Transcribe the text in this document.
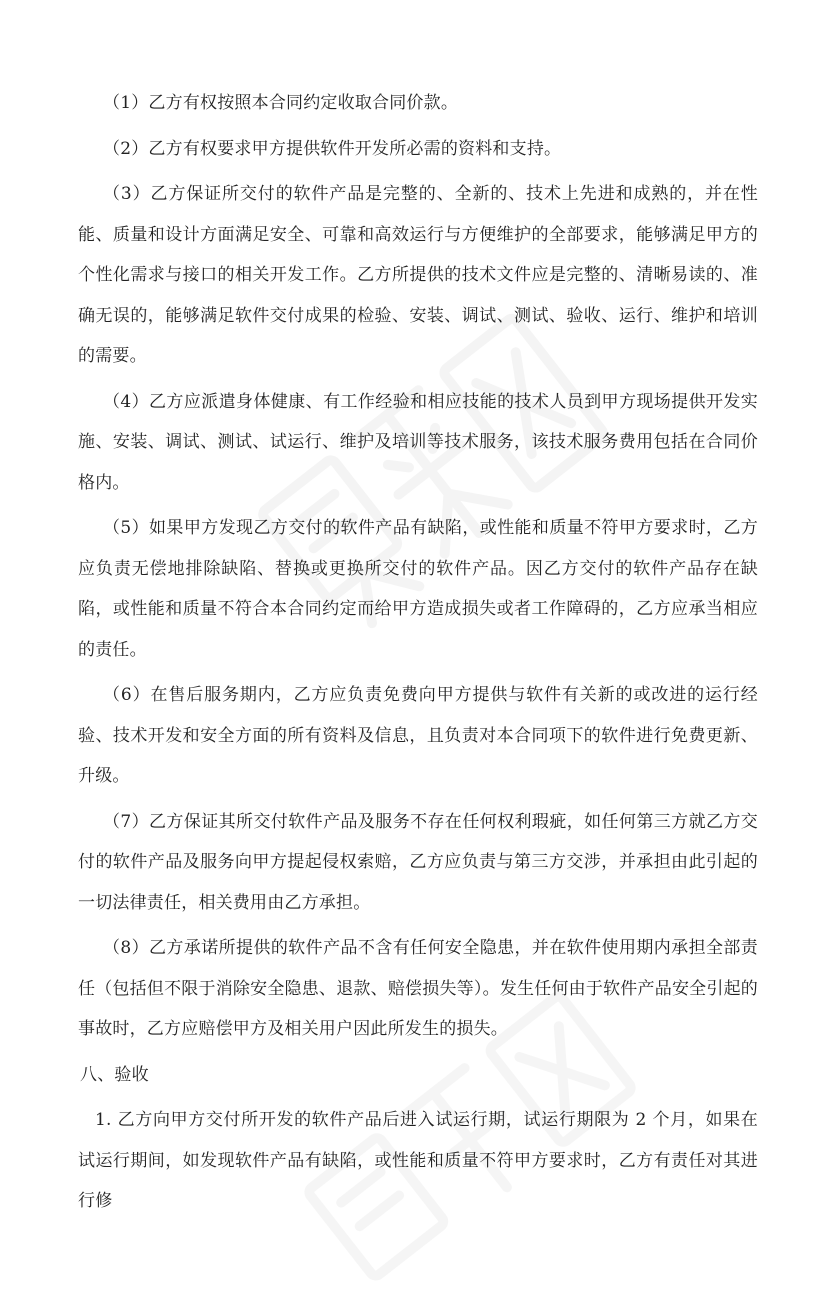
（1）乙方有权按照本合同约定收取合同价款。

（2）乙方有权要求甲方提供软件开发所必需的资料和支持。

（3）乙方保证所交付的软件产品是完整的、全新的、技术上先进和成熟的，并在性能、质量和设计方面满足安全、可靠和高效运行与方便维护的全部要求，能够满足甲方的个性化需求与接口的相关开发工作。乙方所提供的技术文件应是完整的、清晰易读的、准确无误的，能够满足软件交付成果的检验、安装、调试、测试、验收、运行、维护和培训的需要。

（4）乙方应派遣身体健康、有工作经验和相应技能的技术人员到甲方现场提供开发实施、安装、调试、测试、试运行、维护及培训等技术服务，该技术服务费用包括在合同价格内。

（5）如果甲方发现乙方交付的软件产品有缺陷，或性能和质量不符甲方要求时，乙方应负责无偿地排除缺陷、替换或更换所交付的软件产品。因乙方交付的软件产品存在缺陷，或性能和质量不符合本合同约定而给甲方造成损失或者工作障碍的，乙方应承当相应的责任。

（6）在售后服务期内，乙方应负责免费向甲方提供与软件有关新的或改进的运行经验、技术开发和安全方面的所有资料及信息，且负责对本合同项下的软件进行免费更新、升级。

（7）乙方保证其所交付软件产品及服务不存在任何权利瑕疵，如任何第三方就乙方交付的软件产品及服务向甲方提起侵权索赔，乙方应负责与第三方交涉，并承担由此引起的一切法律责任，相关费用由乙方承担。

（8）乙方承诺所提供的软件产品不含有任何安全隐患，并在软件使用期内承担全部责任（包括但不限于消除安全隐患、退款、赔偿损失等）。发生任何由于软件产品安全引起的事故时，乙方应赔偿甲方及相关用户因此所发生的损失。

八、验收

1. 乙方向甲方交付所开发的软件产品后进入试运行期，试运行期限为 2 个月，如果在试运行期间，如发现软件产品有缺陷，或性能和质量不符甲方要求时，乙方有责任对其进行修
